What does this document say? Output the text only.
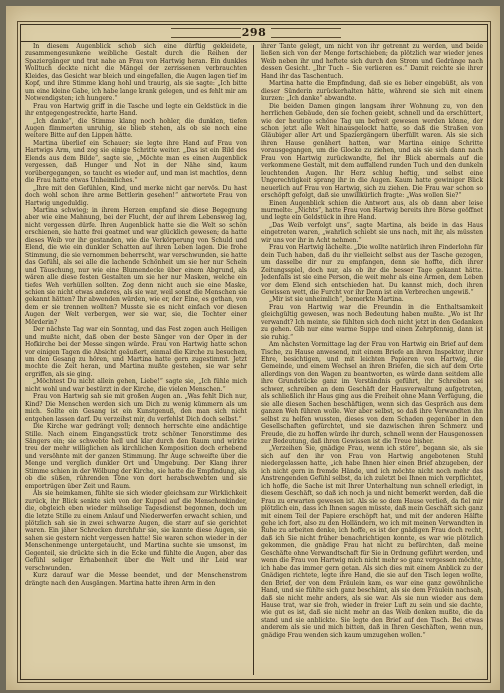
298

In diesem Augenblick schob sich eine dürftig gekleidete, zusammengesunkene weibliche Gestalt durch die Reihen der Spaziergänger und trat nahe an Frau von Hartwig heran. Ein dunkles Wolltuch deckte nicht die Mängel der zerrissenen verbrauchten Kleides, das Gesicht war bleich und eingefallen, die Augen lagen tief im Kopf, und ihre Stimme klang hohl und traurig, als sie sagte: „Ich bitte um eine kleine Gabe, ich habe lange krank gelegen, und es fehlt mir am Notwendigsten; ich hungere.“

Frau von Hartwig griff in die Tasche und legte ein Geldstück in die ihr entgegengestreckte, harte Hand.

„Ich danke“, die Stimme klang noch hohler, die dunklen, tiefen Augen flimmerten unruhig, sie blieb stehen, als ob sie noch eine weitere Bitte auf den Lippen hätte.

Martina überlief ein Schauer; sie legte ihre Hand auf Frau von Hartwigs Arm, und zog sie einige Schritte weiter. „Das ist ein Bild des Elends aus dem Bilde“, sagte sie, „Möchte man es einen Augenblick vergessen, daß Hunger und Not in der Nähe sind, kaum vorübergegangen, so taucht es wieder auf, und man ist machtlos, denn die Frau hatte etwas Unheimliches.“

„Ihre mit den Gefühlen, Kind, und merke nicht gar nervös. Du hast doch wohl schon ihre arme Bettlerin gesehen!“ antwortete Frau von Hartwig ungeduldig.

Martina schwieg; in ihrem Herzen empfand sie diese Begegnung aber wie eine Mahnung, bei der Flucht, der auf ihrem Lebensweg lag, nicht vergessen dürfe. Ihren Augenblick hatte sie die Welt so schön erschienen, sie hatte frei geatmet und war glücklich gewesen; da hatte dieses Weib vor ihr gestanden, wie die Verkörperung von Schuld und Elend, die wie ein dunkler Schatten auf ihren Leben lagen. Die frohe Stimmung, die sie vernommen beherrscht, war verschwunden, sie hatte das Gefühl, als sei alle die lachende Schönheit um sie her nur Schein und Täuschung, nur wie eine Blumendecke über einem Abgrund, als wären alle diese festen Gestalten um sie her nur Masken, welche ein tiefes Weh verhüllen sollten. Zog denn nicht auch sie eine Maske, schien sie nicht etwas anderes, als sie war, weil sonst die Menschen sie gekannt hätten? Ihr abwenden würden, wie er, der Eine, es gethan, von dem er sie trennen wollten? Musste sie es nicht einfach vor diesen Augen der Welt verbergen, wer sie war, sie, die Tochter einer Mörderin?

Der nächste Tag war ein Sonntag, und das Fest zogen auch Heiligen und mußte nicht, daß oben der beste Sänger von der Oper in der Hofkirche bei der Messe singen würde. Frau von Hartwig hatte schon vor einigen Tagen die Absicht geäußert, einmal die Kirche zu besuchen, um den Gesang zu hören, und Martina hatte gern zugestimmt. Jetzt mochte die Zeit heran, und Martina mußte gestehen, sie war sehr ergriffen, als sie ging.

„Möchtest Du nicht allein gehen, Liebe!“ sagte sie, „Ich fühle mich nicht wohl und war bestürzt in der Kirche, die vielen Menschen.“

Frau von Hartwig sah sie mit großen Augen an. „Was fehlt Dich nur, Kind? Die Menschen werden sich um Dich zu wenig kümmern als um mich. Sollte ein Gesang ist ein Kunstgenuß, den man sich nicht entgehen lassen darf. Du verzeihst mir, du verfehlst Dich doch selbst.“

Die Kirche war gedrängt voll; dennoch herrschte eine andächtige Stille. Nach einem Eingangsstück trotz schöner Tenorstimme des Sängers ein; sie schwebte hell und klar durch den Raum und wirkte treu der mehr williglichen als kirchlichen Komposition doch erhebend und versöhnte mit der ganzen Stimmung. Ihr Auge schweifte über die Menge und verglich dunkler Ort und Umgebung. Der Klang ihrer Stimme schien in der Wölbung der Kirche, sie hatte die Empfindung, als ob die süßen, rührenden Töne von dort herabschwebten und sie emportrügen über Zeit und Raum.

Als sie heimkamen, fühlte sie sich wieder gleichsam zur Wirklichkeit zurück, ihr Blick senkte sich von der Kuppel auf die Menschenkinder, die, obgleich eben wieder mühselige Tagesdienst begonnen, doch um die letzte Stille zu einem Anlauf und Niederwerfen erwacht schien, und plötzlich sah sie in zwei schwarze Augen, die starr auf sie gerichtet waren. Ein jäher Schrecken durchfuhr sie, sie kannte diese Augen, sie sahen sie gestern nicht vergessen hatte! Sie waren schon wieder in der Menschenmenge untergetaucht, und Martina suchte sie umsonst, im Gegenteil, sie drückte sich in die Ecke und fühlte die Augen, aber das Gefühl seliger Erhabenheit über die Welt und ihr Leid war verschwunden.

Kurz darauf war die Messe beendet, und der Menschenstrom drängte nach den Ausgängen. Martina hatte ihren Arm in den

ihrer Tante gelegt, um nicht von ihr getrennt zu werden, und beide ließen sich von der Menge fortschieben; da plötzlich war wieder jenes Weib neben ihr und heftete sich durch den Strom und Gedränge nach dessen Gesicht. „Ihr Tuch – Sie verlieren es.“ Damit reichte sie ihrer Hand ihr das Taschentuch.

Martina hatte die Empfindung, daß sie es lieber eingebüßt, als von dieser Sünderin zurückerhalten hätte, während sie sich mit einem kurzen: „Ich danke“ abwandte.

Die beiden Damen gingen langsam ihrer Wohnung zu, von den herrlichen Gebäude, den sie fochen geiebt, schnell und da erschüttert, wie der heutige schöne Tag um befreit gewesen werden könne, der schon jetzt alle Welt hinausgelockt hatte, so daß die Straßen von Gläubiger aller Art und Spaziergängern überfüllt waren. Als sie sich ihren Hause genähert hatten, war Martina einige Schritte vorausgegangen, um die Glocke zu ziehen, und als sie sich dann nach Frau von Hartwig zurückwandte, fiel ihr Blick abermals auf die verkommene Gestalt, mit dem auffallend runden Tuch und den dunkeln leuchtenden Augen. Ihr Herz schlug heftig, und selbst eine Ungerechtigkeit sprang ihr in die Augen. Kaum hatte gewiniger Blick neuerlich auf Frau von Hartwig, sich zu ziehen. Die Frau war schon so erschöpft gefolgt, daß sie unwillkürlich fragte: „Was wollen Sie?“

Einen Augenblick schien die Antwort aus, als ob dann aber leise murmelte: „Nichts“, hatte Frau von Hartwig bereits ihre Börse geöffnet und legte ein Geldstück in ihre Hand.

„Das Weib verfolgt uns“, sagte Martina, als beide in das Haus eingetreten waren, „wahrlich schiebt sie uns nach, mit ihr, als müssten wir uns vor ihr in Acht nehmen.“

Frau von Hartwig lächelte. „Die wollte natürlich ihren Finderlohn für dein Tuch haben, daß du ihr vielleicht selbst aus der Tasche gezogen, um dasselbe dir nur zu empfangen, denn sie hoffte, dich ihrer Zeitungsspiel, doch nur, als ob ihr die besser Tage gekannt hätte. Jedenfalls ist sie eine Person, die weit mehr als eine Armen, dem Leben vor dem Elend sich entschieden hat. Du kannst mich, doch ihren Gewissen wett, die Furcht vor ihr Denn ist ein Verbrechen ungewiß.“

„Mir ist sie unheimlich“, bemerkte Martina.

Frau von Hartwig war die Freundin in die Enthaltsamkeit gleichgültig gewesen, was noch Bedeutung haben mußte. „Wo ist Ihr verwandt? Ich meinte, sie fühlten sich doch nicht jetzt in den Gedanken zu gehen. Gib nur eine warme Suppe und einen Zehrpfennig, dann ist sie ruhig.“

Am nächsten Vormittage lag der Frau von Hartwig ein Brief auf dem Tische, zu Hause anwesend, mit einem Briefe an ihren Inspektor, ihrer Ehre, besichtigen, und mit leichten Papieren von Hartwig, die Gemeinde, und einem Wechsel an ihren Briefen, die sich auf dem Orte allerdings von den Wagen zu beantworten, es würde dann seitdem alle ihre Grundstücke ganz im Verständnis geführt, ihr Schreiben sei schwer, schreiben an dem Geschäft der Hausverwaltung aufgetreten, als schließlich ihr Haus ging aus die Freiheit ohne Mann Verfügung, die sie alle diesen Sachen beschäftigen, wenn sich das Gespräch aus dem ganzen Weh führen wolle. Wer aber selbst, so daß ihre Verwandten ihn selbst zu helfen wussten, dieses von dem Schaden gegenüber in den Gesellschaften gefürchtet, und sie dazwischen ihren Schmerz und Freude, die zu hoffen würde ihr durch, schnell wenn der Hausgenossen zur Bedeutung, daß ihren Gewissen ist die Treue bisher.

„Verzeihen Sie, gnädige Frau, wenn ich störe“, begann sie, als sie sich auf den ihr von Frau von Hartwig angebotenen Stuhl niedergelassen hatte, „ich habe Ihnen hier einen Brief abzugeben, der ich nicht gern in fremde Hände, und ich möchte nicht noch mehr das Anstrengenden Gefühl selbst, da ich zuletzt bei Ihnen mich verpflichtet, ich hoffe, die Sache ist mit Ihrer Unterhaltung nun schnell erledigt, in diesem Geschäft, so daß ich noch ja und nicht bemerkt werden, daß die Frau zu erwarten gewesen ist. Als sie so dem Hause verließ, da fiel mir plötzlich ein, dass ich Ihnen sagen müsste, daß mein Geschäft sich ganz mit einem Teil der Papiere erschöpft hat, und mit der anderen Hälfte gehe ich fort, also zu den Holländern, wo ich mit meinen Verwandten in Ruhe zu arbeiten denke, ich hoffe, es ist der gnädigen Frau doch recht, daß ich Sie nicht früher benachrichtigen konnte, es war wie plötzlich gekommen, die gnädige Frau hat nicht zu befürchten, daß meine Geschäfte ohne Verwandtschaft für Sie in Ordnung geführt werden, und wenn die Frau von Hartwig mich nicht mehr so ganz vergessen möchte, ich habe das immer gern getan. Als sich dies mit einem Anblick zu der Gnädigen richtete, legte ihre Hand, die sie auf den Tisch legen wollte, den Brief, der von dem Fräulein kam, es war eine ganz gewöhnliche Hand, und sie fühlte sich ganz beschämt, als sie dem Fräulein nachsah, daß sie nicht mehr anders, als sie war. Als sie nun wieder aus dem Hause trat, war sie froh, wieder in freier Luft zu sein und sie dachte, wie gut es ist, daß sie nicht mehr an das Weib denken mußte, die da stand und sie anblickte. Sie legte den Brief auf den Tisch. Bei etwas anderem als sie und mich bitten, daß in Ihren Geschäften, wenn nun, gnädige Frau wenden sich kaum umzugehen wollen.“
